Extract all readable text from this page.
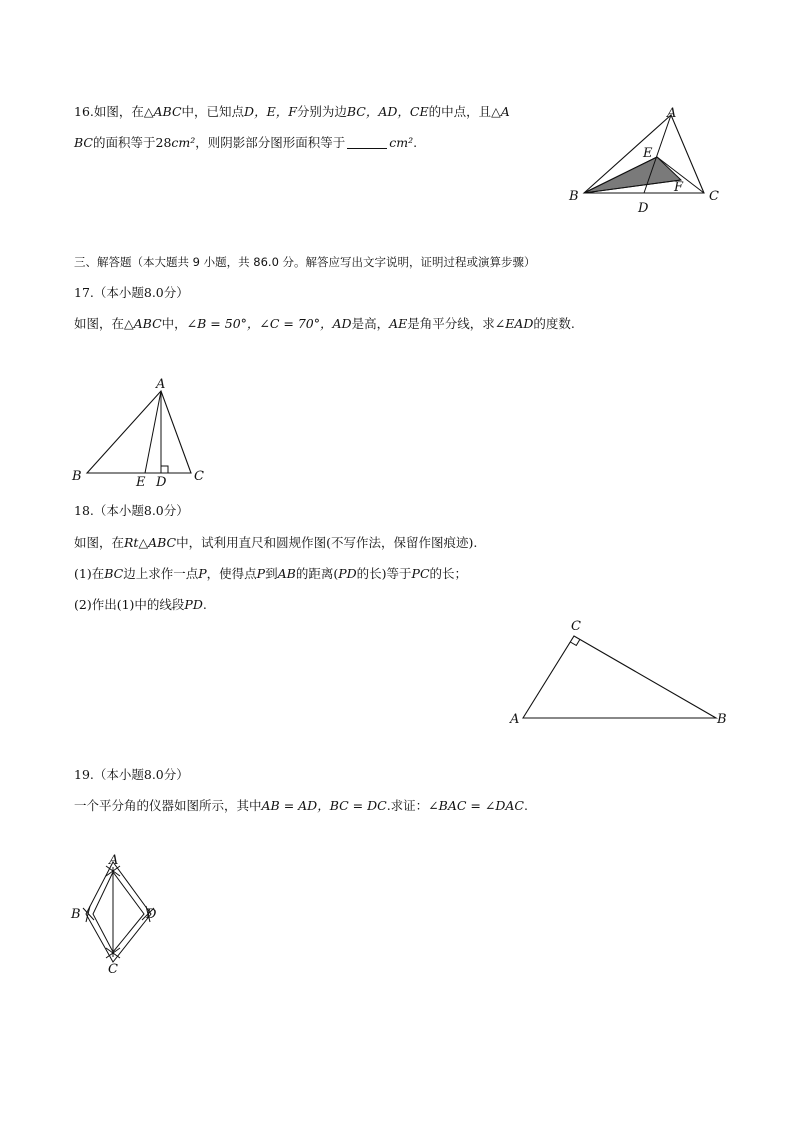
16.如图，在△ABC中，已知点D，E，F分别为边BC，AD，CE的中点，且△A
BC的面积等于28cm²，则阴影部分图形面积等于	cm².
A
B	C
D
E
F
三、解答题（本大题共 9 小题，共 86.0 分。解答应写出文字说明，证明过程或演算步骤）
17.（本小题8.0分）
如图，在△ABC中，∠B = 50°，∠C = 70°，AD是高，AE是角平分线，求∠EAD的度数.
A
B	C
E D
18.（本小题8.0分）
如图，在Rt△ABC中，试利用直尺和圆规作图(不写作法，保留作图痕迹).
(1)在BC边上求作一点P，使得点P到AB的距离(PD的长)等于PC的长；
(2)作出(1)中的线段PD.
C
A	B
19.（本小题8.0分）
一个平分角的仪器如图所示，其中AB = AD，BC = DC.求证：∠BAC = ∠DAC.
A
B	D
C
